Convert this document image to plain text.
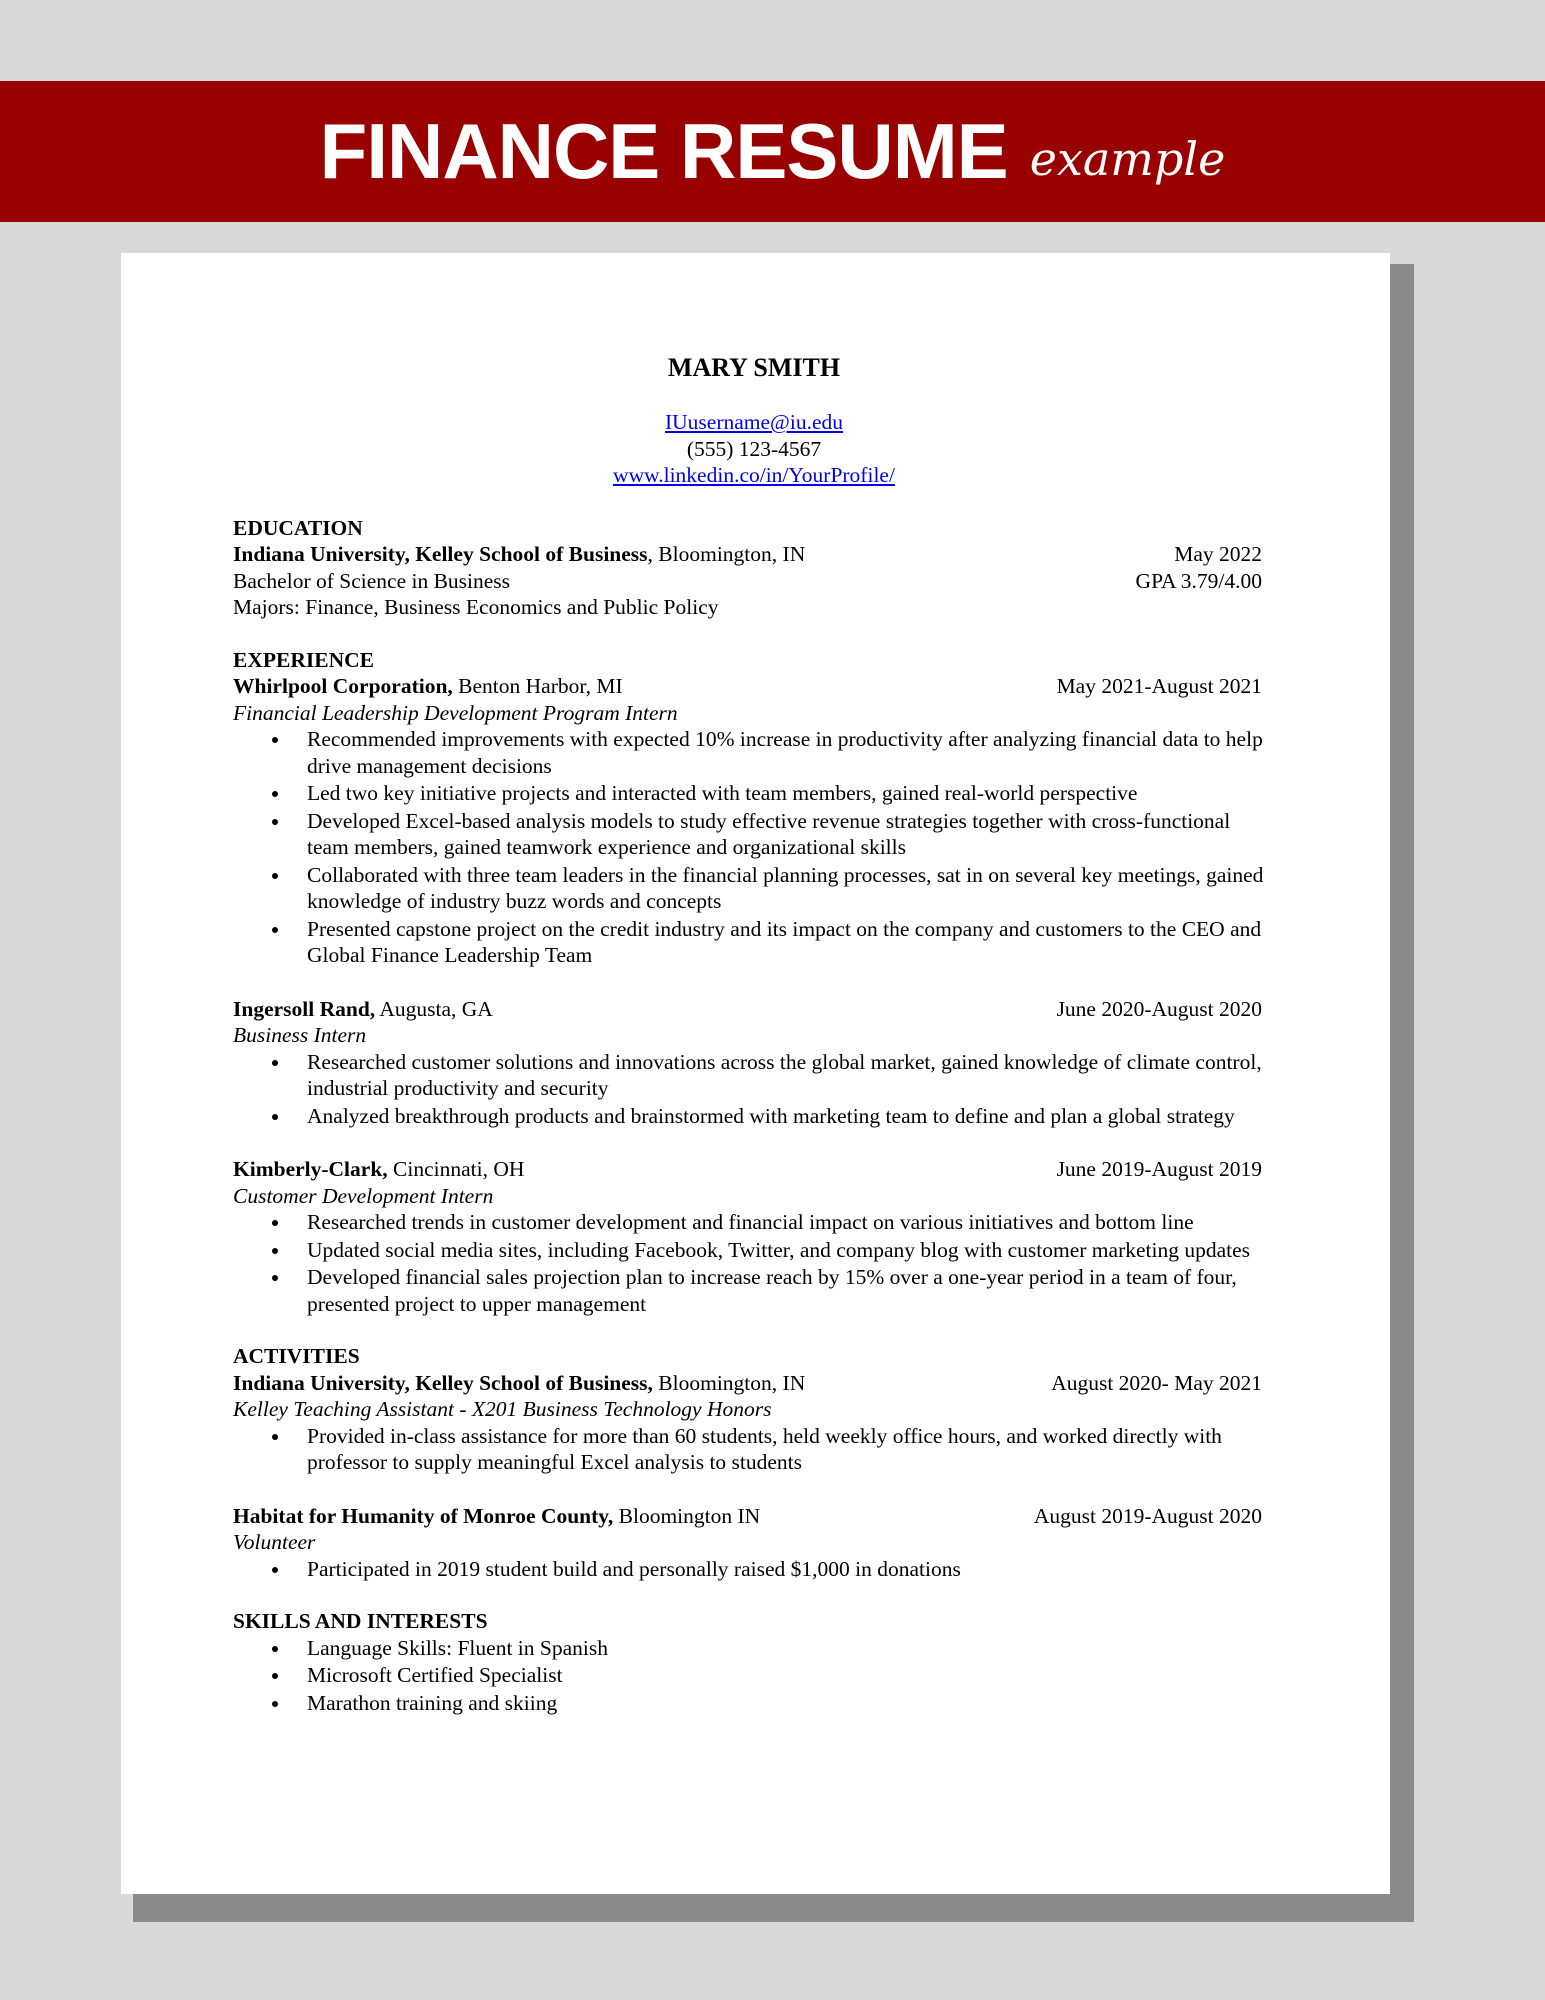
FINANCE RESUME example
MARY SMITH
IUusername@iu.edu
(555) 123-4567
www.linkedin.co/in/YourProfile/
EDUCATION
Indiana University, Kelley School of Business, Bloomington, IN	May 2022
Bachelor of Science in Business	GPA 3.79/4.00
Majors: Finance, Business Economics and Public Policy
EXPERIENCE
Whirlpool Corporation, Benton Harbor, MI	May 2021-August 2021
Financial Leadership Development Program Intern
Recommended improvements with expected 10% increase in productivity after analyzing financial data to help drive management decisions
Led two key initiative projects and interacted with team members, gained real-world perspective
Developed Excel-based analysis models to study effective revenue strategies together with cross-functional team members, gained teamwork experience and organizational skills
Collaborated with three team leaders in the financial planning processes, sat in on several key meetings, gained knowledge of industry buzz words and concepts
Presented capstone project on the credit industry and its impact on the company and customers to the CEO and Global Finance Leadership Team
Ingersoll Rand, Augusta, GA	June 2020-August 2020
Business Intern
Researched customer solutions and innovations across the global market, gained knowledge of climate control, industrial productivity and security
Analyzed breakthrough products and brainstormed with marketing team to define and plan a global strategy
Kimberly-Clark, Cincinnati, OH	June 2019-August 2019
Customer Development Intern
Researched trends in customer development and financial impact on various initiatives and bottom line
Updated social media sites, including Facebook, Twitter, and company blog with customer marketing updates
Developed financial sales projection plan to increase reach by 15% over a one-year period in a team of four, presented project to upper management
ACTIVITIES
Indiana University, Kelley School of Business, Bloomington, IN	August 2020- May 2021
Kelley Teaching Assistant - X201 Business Technology Honors
Provided in-class assistance for more than 60 students, held weekly office hours, and worked directly with professor to supply meaningful Excel analysis to students
Habitat for Humanity of Monroe County, Bloomington IN	August 2019-August 2020
Volunteer
Participated in 2019 student build and personally raised $1,000 in donations
SKILLS AND INTERESTS
Language Skills: Fluent in Spanish
Microsoft Certified Specialist
Marathon training and skiing
